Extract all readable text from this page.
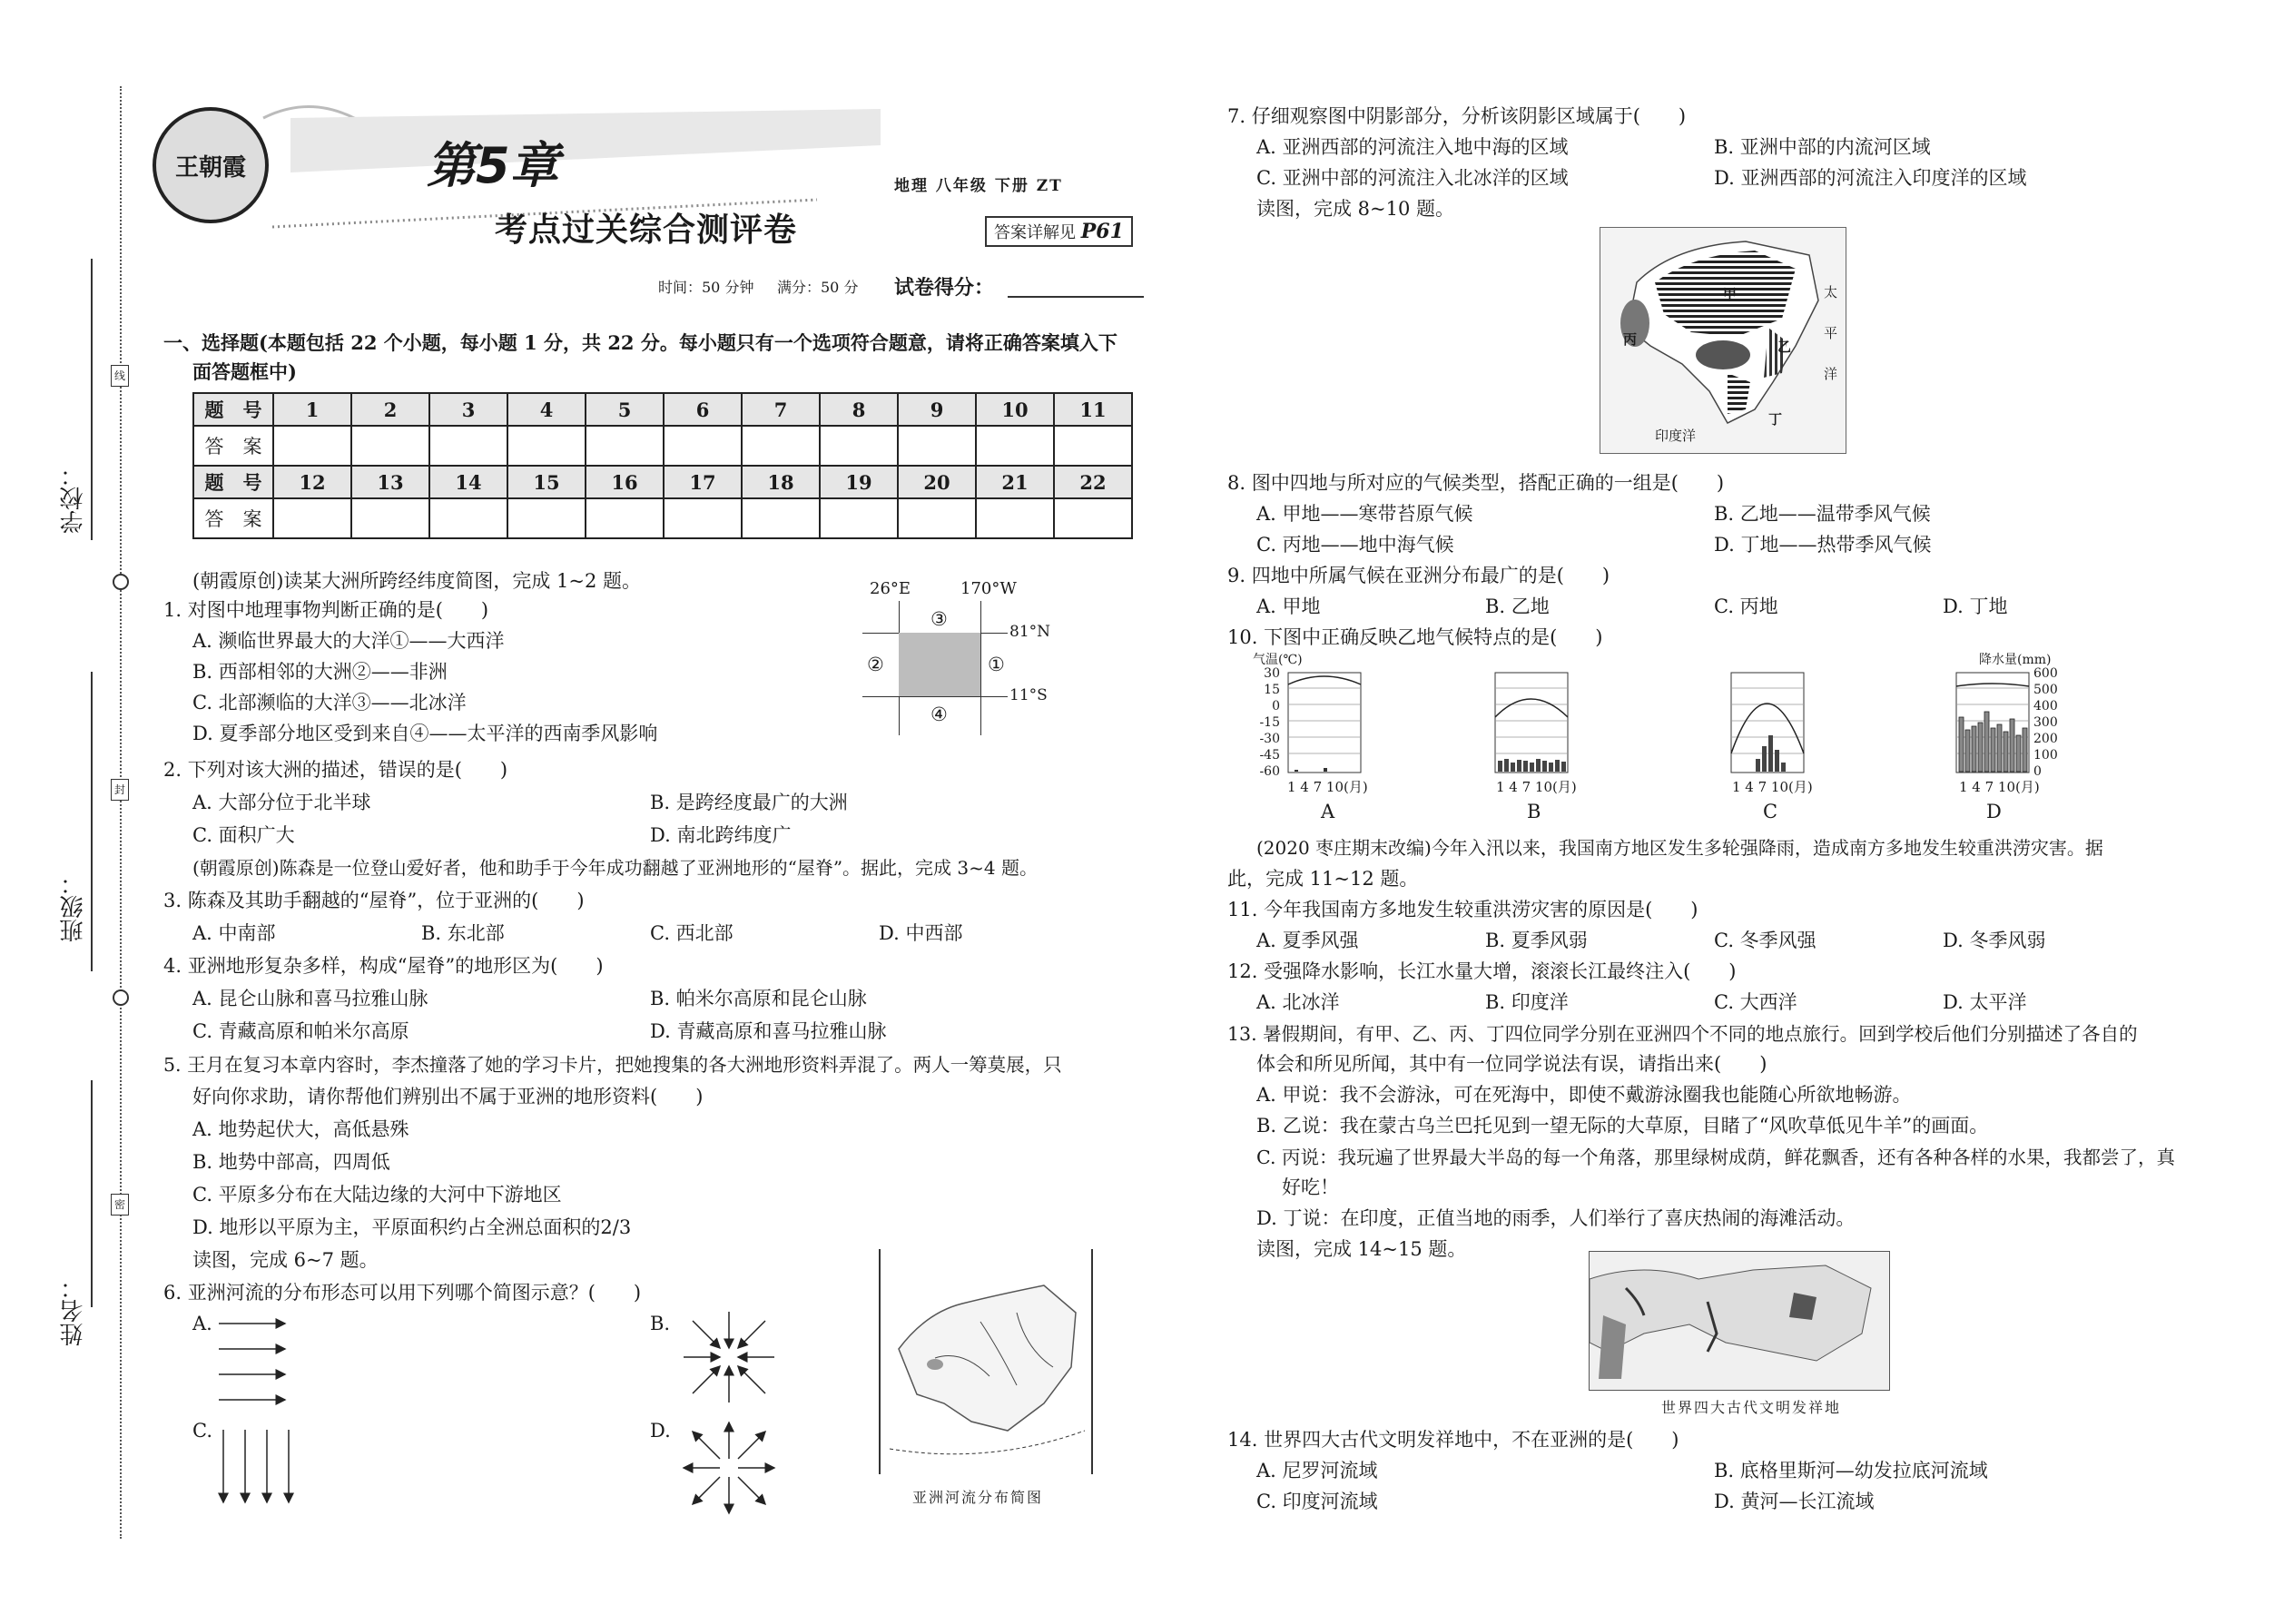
学校：
班级：
姓名：
线
封
密
王朝霞	第5章
考点过关综合测评卷
地理 八年级 下册 ZT
答案详解见 P61
时间：50 分钟 满分：50 分 试卷得分：
一、选择题(本题包括 22 个小题，每小题 1 分，共 22 分。每小题只有一个选项符合题意，请将正确答案填入下
面答题框中)
题　号	1	2	3	4	5	6	7	8	9	10	11
答　案											
题　号	12	13	14	15	16	17	18	19	20	21	22
答　案											
(朝霞原创)读某大洲所跨经纬度简图，完成 1~2 题。
1. 对图中地理事物判断正确的是(　　)
A. 濒临世界最大的大洋①——大西洋
B. 西部相邻的大洲②——非洲
C. 北部濒临的大洋③——北冰洋
D. 夏季部分地区受到来自④——太平洋的西南季风影响
26°E	170°W
81°N
11°S
③
②	①
④
2. 下列对该大洲的描述，错误的是(　　)
A. 大部分位于北半球	B. 是跨经度最广的大洲
C. 面积广大	D. 南北跨纬度广
(朝霞原创)陈森是一位登山爱好者，他和助手于今年成功翻越了亚洲地形的“屋脊”。据此，完成 3~4 题。
3. 陈森及其助手翻越的“屋脊”，位于亚洲的(　　)
A. 中南部	B. 东北部	C. 西北部	D. 中西部
4. 亚洲地形复杂多样，构成“屋脊”的地形区为(　　)
A. 昆仑山脉和喜马拉雅山脉	B. 帕米尔高原和昆仑山脉
C. 青藏高原和帕米尔高原	D. 青藏高原和喜马拉雅山脉
5. 王月在复习本章内容时，李杰撞落了她的学习卡片，把她搜集的各大洲地形资料弄混了。两人一筹莫展，只
好向你求助，请你帮他们辨别出不属于亚洲的地形资料(　　)
A. 地势起伏大，高低悬殊
B. 地势中部高，四周低
C. 平原多分布在大陆边缘的大河中下游地区
D. 地形以平原为主，平原面积约占全洲总面积的2/3
读图，完成 6~7 题。
6. 亚洲河流的分布形态可以用下列哪个简图示意？(　　)
A.	B.
C.	D.
亚洲河流分布简图
7. 仔细观察图中阴影部分，分析该阴影区域属于(　　)
A. 亚洲西部的河流注入地中海的区域	B. 亚洲中部的内流河区域
C. 亚洲中部的河流注入北冰洋的区域	D. 亚洲西部的河流注入印度洋的区域
读图，完成 8~10 题。
甲
乙
丙
丁
太
平
洋
印度洋
8. 图中四地与所对应的气候类型，搭配正确的一组是(　　)
A. 甲地——寒带苔原气候	B. 乙地——温带季风气候
C. 丙地——地中海气候	D. 丁地——热带季风气候
9. 四地中所属气候在亚洲分布最广的是(　　)
A. 甲地	B. 乙地	C. 丙地	D. 丁地
10. 下图中正确反映乙地气候特点的是(　　)
气温(℃)	降水量(mm)
30
15
0
-15
-30
-45
-60
600
500
400
300
200
100
0
1 4 7 10(月)	1 4 7 10(月)	1 4 7 10(月)	1 4 7 10(月)
A	B	C	D
(2020 枣庄期末改编)今年入汛以来，我国南方地区发生多轮强降雨，造成南方多地发生较重洪涝灾害。据
此，完成 11~12 题。
11. 今年我国南方多地发生较重洪涝灾害的原因是(　　)
A. 夏季风强	B. 夏季风弱	C. 冬季风强	D. 冬季风弱
12. 受强降水影响，长江水量大增，滚滚长江最终注入(　　)
A. 北冰洋	B. 印度洋	C. 大西洋	D. 太平洋
13. 暑假期间，有甲、乙、丙、丁四位同学分别在亚洲四个不同的地点旅行。回到学校后他们分别描述了各自的
体会和所见所闻，其中有一位同学说法有误，请指出来(　　)
A. 甲说：我不会游泳，可在死海中，即使不戴游泳圈我也能随心所欲地畅游。
B. 乙说：我在蒙古乌兰巴托见到一望无际的大草原，目睹了“风吹草低见牛羊”的画面。
C. 丙说：我玩遍了世界最大半岛的每一个角落，那里绿树成荫，鲜花飘香，还有各种各样的水果，我都尝了，真
好吃！
D. 丁说：在印度，正值当地的雨季，人们举行了喜庆热闹的海滩活动。
读图，完成 14~15 题。
世界四大古代文明发祥地
14. 世界四大古代文明发祥地中，不在亚洲的是(　　)
A. 尼罗河流域	B. 底格里斯河—幼发拉底河流域
C. 印度河流域	D. 黄河—长江流域
